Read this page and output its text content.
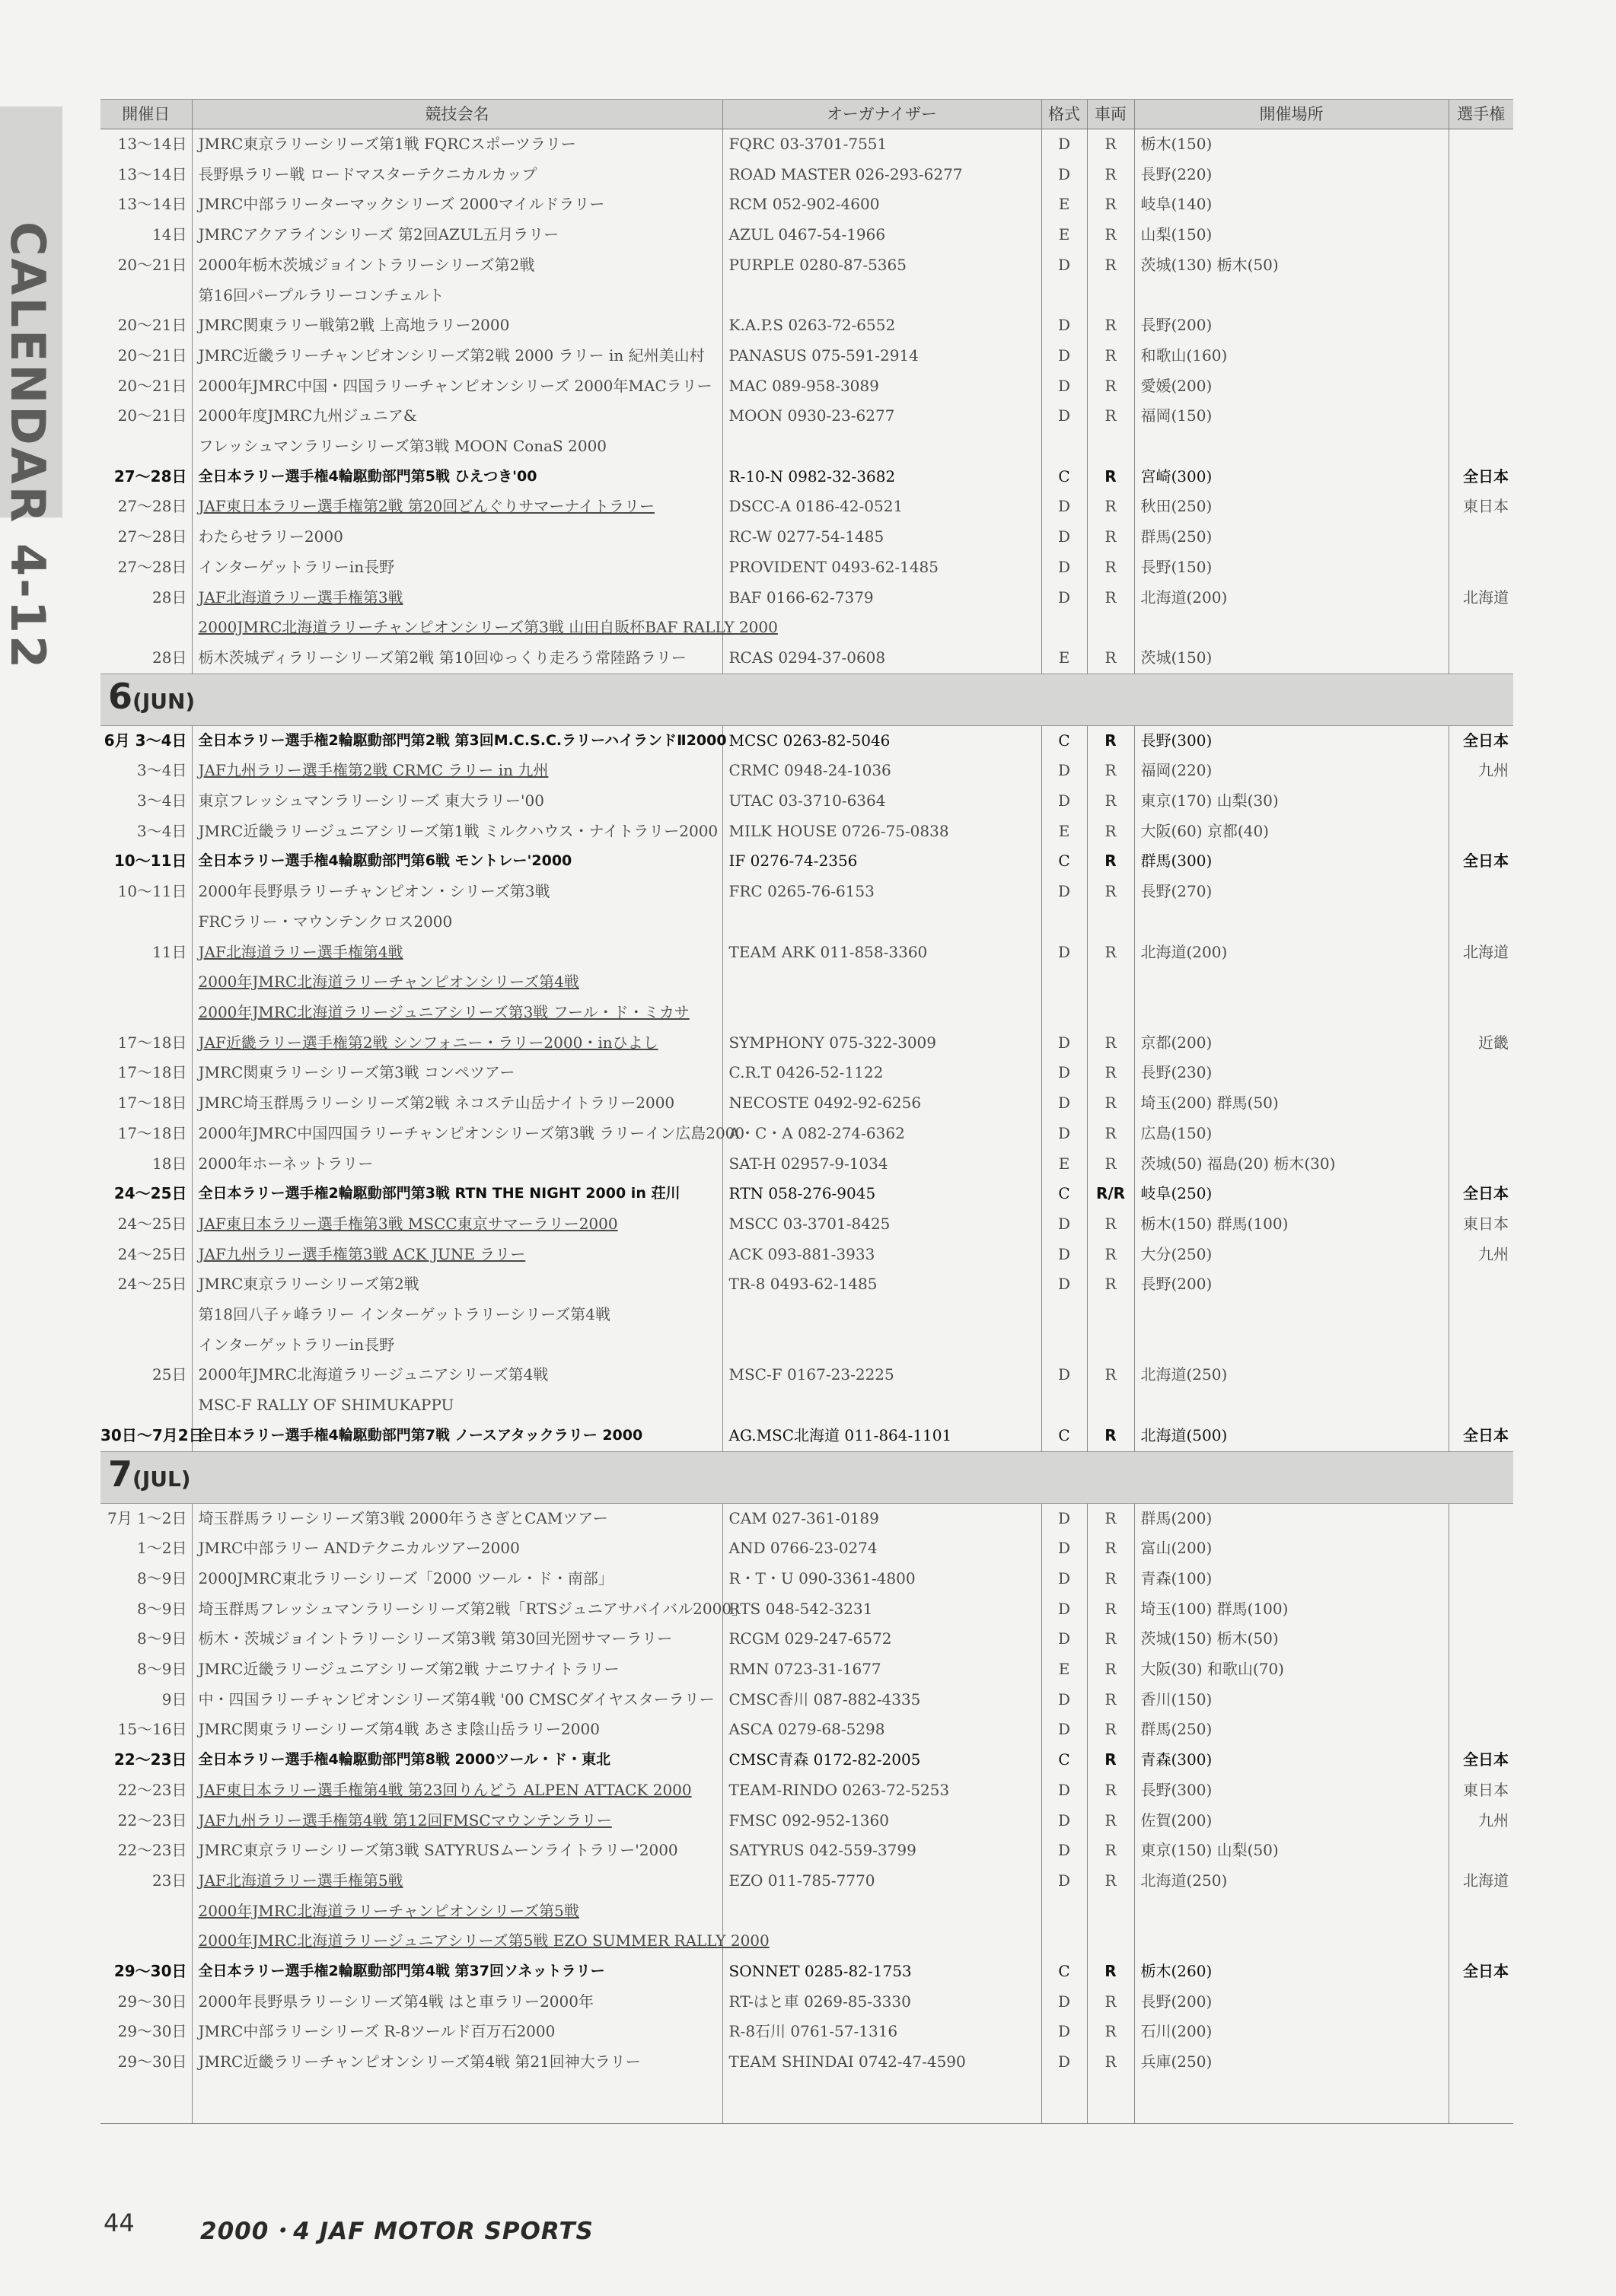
CALENDAR 4-12
開催日	競技会名	オーガナイザー	格式	車両	開催場所	選手権
13～14日	JMRC東京ラリーシリーズ第1戦 FQRCスポーツラリー	FQRC 03-3701-7551	D	R	栃木(150)	
13～14日	長野県ラリー戦 ロードマスターテクニカルカップ	ROAD MASTER 026-293-6277	D	R	長野(220)	
13～14日	JMRC中部ラリーターマックシリーズ 2000マイルドラリー	RCM 052-902-4600	E	R	岐阜(140)	
14日	JMRCアクアラインシリーズ 第2回AZUL五月ラリー	AZUL 0467-54-1966	E	R	山梨(150)	
20～21日	2000年栃木茨城ジョイントラリーシリーズ第2戦	PURPLE 0280-87-5365	D	R	茨城(130) 栃木(50)	
	第16回パープルラリーコンチェルト					
20～21日	JMRC関東ラリー戦第2戦 上高地ラリー2000	K.A.P.S 0263-72-6552	D	R	長野(200)	
20～21日	JMRC近畿ラリーチャンピオンシリーズ第2戦 2000 ラリー in 紀州美山村	PANASUS 075-591-2914	D	R	和歌山(160)	
20～21日	2000年JMRC中国・四国ラリーチャンピオンシリーズ 2000年MACラリー	MAC 089-958-3089	D	R	愛媛(200)	
20～21日	2000年度JMRC九州ジュニア&	MOON 0930-23-6277	D	R	福岡(150)	
	フレッシュマンラリーシリーズ第3戦 MOON ConaS 2000					
27～28日	全日本ラリー選手権4輪駆動部門第5戦 ひえつき'00	R-10-N 0982-32-3682	C	R	宮崎(300)	全日本
27～28日	JAF東日本ラリー選手権第2戦 第20回どんぐりサマーナイトラリー	DSCC-A 0186-42-0521	D	R	秋田(250)	東日本
27～28日	わたらせラリー2000	RC-W 0277-54-1485	D	R	群馬(250)	
27～28日	インターゲットラリーin長野	PROVIDENT 0493-62-1485	D	R	長野(150)	
28日	JAF北海道ラリー選手権第3戦	BAF 0166-62-7379	D	R	北海道(200)	北海道
	2000JMRC北海道ラリーチャンピオンシリーズ第3戦 山田自販杯BAF RALLY 2000					
28日	栃木茨城ディラリーシリーズ第2戦 第10回ゆっくり走ろう常陸路ラリー	RCAS 0294-37-0608	E	R	茨城(150)	
6(JUN)						
6月 3～4日	全日本ラリー選手権2輪駆動部門第2戦 第3回M.C.S.C.ラリーハイランドⅡ2000	MCSC 0263-82-5046	C	R	長野(300)	全日本
3～4日	JAF九州ラリー選手権第2戦 CRMC ラリー in 九州	CRMC 0948-24-1036	D	R	福岡(220)	九州
3～4日	東京フレッシュマンラリーシリーズ 東大ラリー'00	UTAC 03-3710-6364	D	R	東京(170) 山梨(30)	
3～4日	JMRC近畿ラリージュニアシリーズ第1戦 ミルクハウス・ナイトラリー2000	MILK HOUSE 0726-75-0838	E	R	大阪(60) 京都(40)	
10～11日	全日本ラリー選手権4輪駆動部門第6戦 モントレー'2000	IF 0276-74-2356	C	R	群馬(300)	全日本
10～11日	2000年長野県ラリーチャンピオン・シリーズ第3戦	FRC 0265-76-6153	D	R	長野(270)	
	FRCラリー・マウンテンクロス2000					
11日	JAF北海道ラリー選手権第4戦	TEAM ARK 011-858-3360	D	R	北海道(200)	北海道
	2000年JMRC北海道ラリーチャンピオンシリーズ第4戦					
	2000年JMRC北海道ラリージュニアシリーズ第3戦 フール・ド・ミカサ					
17～18日	JAF近畿ラリー選手権第2戦 シンフォニー・ラリー2000・inひよし	SYMPHONY 075-322-3009	D	R	京都(200)	近畿
17～18日	JMRC関東ラリーシリーズ第3戦 コンペツアー	C.R.T 0426-52-1122	D	R	長野(230)	
17～18日	JMRC埼玉群馬ラリーシリーズ第2戦 ネコステ山岳ナイトラリー2000	NECOSTE 0492-92-6256	D	R	埼玉(200) 群馬(50)	
17～18日	2000年JMRC中国四国ラリーチャンピオンシリーズ第3戦 ラリーイン広島2000	A・C・A 082-274-6362	D	R	広島(150)	
18日	2000年ホーネットラリー	SAT-H 02957-9-1034	E	R	茨城(50) 福島(20) 栃木(30)	
24～25日	全日本ラリー選手権2輪駆動部門第3戦 RTN THE NIGHT 2000 in 荘川	RTN 058-276-9045	C	R/R	岐阜(250)	全日本
24～25日	JAF東日本ラリー選手権第3戦 MSCC東京サマーラリー2000	MSCC 03-3701-8425	D	R	栃木(150) 群馬(100)	東日本
24～25日	JAF九州ラリー選手権第3戦 ACK JUNE ラリー	ACK 093-881-3933	D	R	大分(250)	九州
24～25日	JMRC東京ラリーシリーズ第2戦	TR-8 0493-62-1485	D	R	長野(200)	
	第18回八子ヶ峰ラリー インターゲットラリーシリーズ第4戦					
	インターゲットラリーin長野					
25日	2000年JMRC北海道ラリージュニアシリーズ第4戦	MSC-F 0167-23-2225	D	R	北海道(250)	
	MSC-F RALLY OF SHIMUKAPPU					
30日～7月2日	全日本ラリー選手権4輪駆動部門第7戦 ノースアタックラリー 2000	AG.MSC北海道 011-864-1101	C	R	北海道(500)	全日本
7(JUL)						
7月 1～2日	埼玉群馬ラリーシリーズ第3戦 2000年うさぎとCAMツアー	CAM 027-361-0189	D	R	群馬(200)	
1～2日	JMRC中部ラリー ANDテクニカルツアー2000	AND 0766-23-0274	D	R	富山(200)	
8～9日	2000JMRC東北ラリーシリーズ「2000 ツール・ド・南部」	R・T・U 090-3361-4800	D	R	青森(100)	
8～9日	埼玉群馬フレッシュマンラリーシリーズ第2戦「RTSジュニアサバイバル2000」	RTS 048-542-3231	D	R	埼玉(100) 群馬(100)	
8～9日	栃木・茨城ジョイントラリーシリーズ第3戦 第30回光圀サマーラリー	RCGM 029-247-6572	D	R	茨城(150) 栃木(50)	
8～9日	JMRC近畿ラリージュニアシリーズ第2戦 ナニワナイトラリー	RMN 0723-31-1677	E	R	大阪(30) 和歌山(70)	
9日	中・四国ラリーチャンピオンシリーズ第4戦 '00 CMSCダイヤスターラリー	CMSC香川 087-882-4335	D	R	香川(150)	
15～16日	JMRC関東ラリーシリーズ第4戦 あさま陰山岳ラリー2000	ASCA 0279-68-5298	D	R	群馬(250)	
22～23日	全日本ラリー選手権4輪駆動部門第8戦 2000ツール・ド・東北	CMSC青森 0172-82-2005	C	R	青森(300)	全日本
22～23日	JAF東日本ラリー選手権第4戦 第23回りんどう ALPEN ATTACK 2000	TEAM-RINDO 0263-72-5253	D	R	長野(300)	東日本
22～23日	JAF九州ラリー選手権第4戦 第12回FMSCマウンテンラリー	FMSC 092-952-1360	D	R	佐賀(200)	九州
22～23日	JMRC東京ラリーシリーズ第3戦 SATYRUSムーンライトラリー'2000	SATYRUS 042-559-3799	D	R	東京(150) 山梨(50)	
23日	JAF北海道ラリー選手権第5戦	EZO 011-785-7770	D	R	北海道(250)	北海道
	2000年JMRC北海道ラリーチャンピオンシリーズ第5戦					
	2000年JMRC北海道ラリージュニアシリーズ第5戦 EZO SUMMER RALLY 2000					
29～30日	全日本ラリー選手権2輪駆動部門第4戦 第37回ソネットラリー	SONNET 0285-82-1753	C	R	栃木(260)	全日本
29～30日	2000年長野県ラリーシリーズ第4戦 はと車ラリー2000年	RT-はと車 0269-85-3330	D	R	長野(200)	
29～30日	JMRC中部ラリーシリーズ R-8ツールド百万石2000	R-8石川 0761-57-1316	D	R	石川(200)	
29～30日	JMRC近畿ラリーチャンピオンシリーズ第4戦 第21回神大ラリー	TEAM SHINDAI 0742-47-4590	D	R	兵庫(250)	

44	2000・4 JAF MOTOR SPORTS
